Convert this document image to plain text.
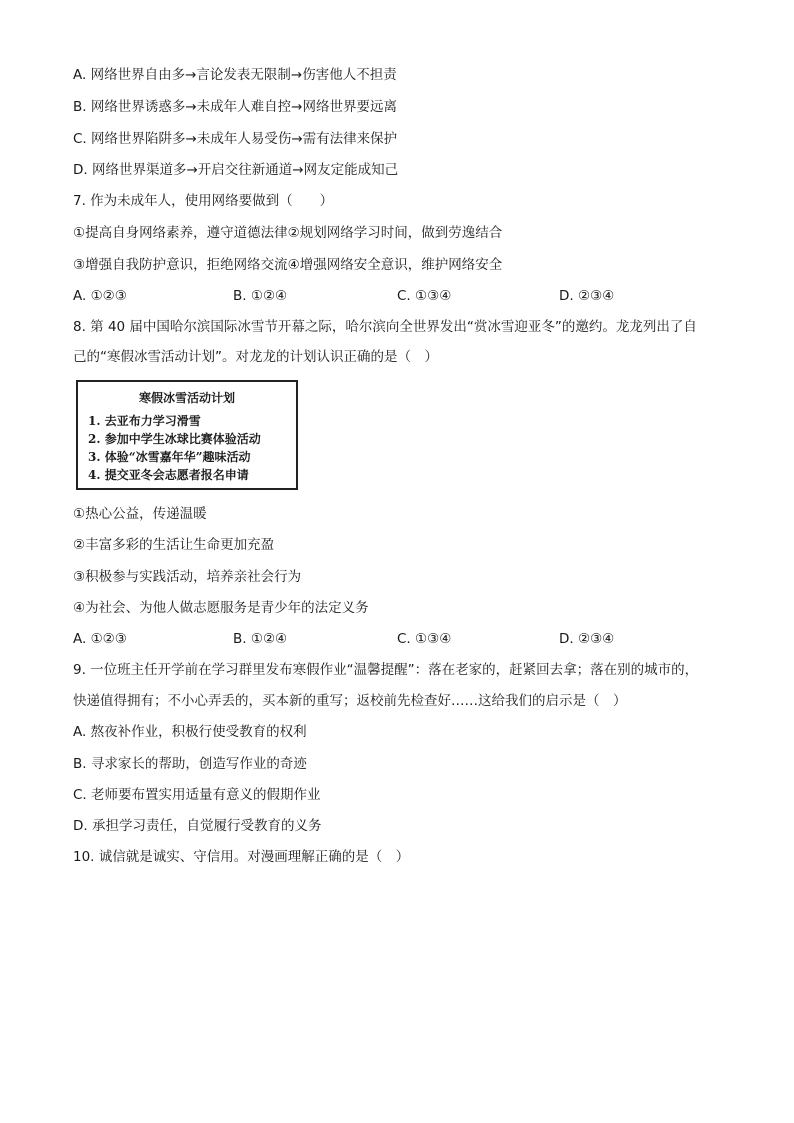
A. 网络世界自由多→言论发表无限制→伤害他人不担责
B. 网络世界诱惑多→未成年人难自控→网络世界要远离
C. 网络世界陷阱多→未成年人易受伤→需有法律来保护
D. 网络世界渠道多→开启交往新通道→网友定能成知己
7. 作为未成年人，使用网络要做到（　　）
①提高自身网络素养，遵守道德法律②规划网络学习时间，做到劳逸结合
③增强自我防护意识，拒绝网络交流④增强网络安全意识，维护网络安全
A. ①②③	B. ①②④	C. ①③④	D. ②③④
8. 第 40 届中国哈尔滨国际冰雪节开幕之际，哈尔滨向全世界发出“赏冰雪迎亚冬”的邀约。龙龙列出了自
己的“寒假冰雪活动计划”。对龙龙的计划认识正确的是（　）
寒假冰雪活动计划
1. 去亚布力学习滑雪
2. 参加中学生冰球比赛体验活动
3. 体验“冰雪嘉年华”趣味活动
4. 提交亚冬会志愿者报名申请
①热心公益，传递温暖
②丰富多彩的生活让生命更加充盈
③积极参与实践活动，培养亲社会行为
④为社会、为他人做志愿服务是青少年的法定义务
A. ①②③	B. ①②④	C. ①③④	D. ②③④
9. 一位班主任开学前在学习群里发布寒假作业“温馨提醒”：落在老家的，赶紧回去拿；落在别的城市的，
快递值得拥有；不小心弄丢的，买本新的重写；返校前先检查好……这给我们的启示是（　）
A. 熬夜补作业，积极行使受教育的权利
B. 寻求家长的帮助，创造写作业的奇迹
C. 老师要布置实用适量有意义的假期作业
D. 承担学习责任，自觉履行受教育的义务
10. 诚信就是诚实、守信用。对漫画理解正确的是（　）
